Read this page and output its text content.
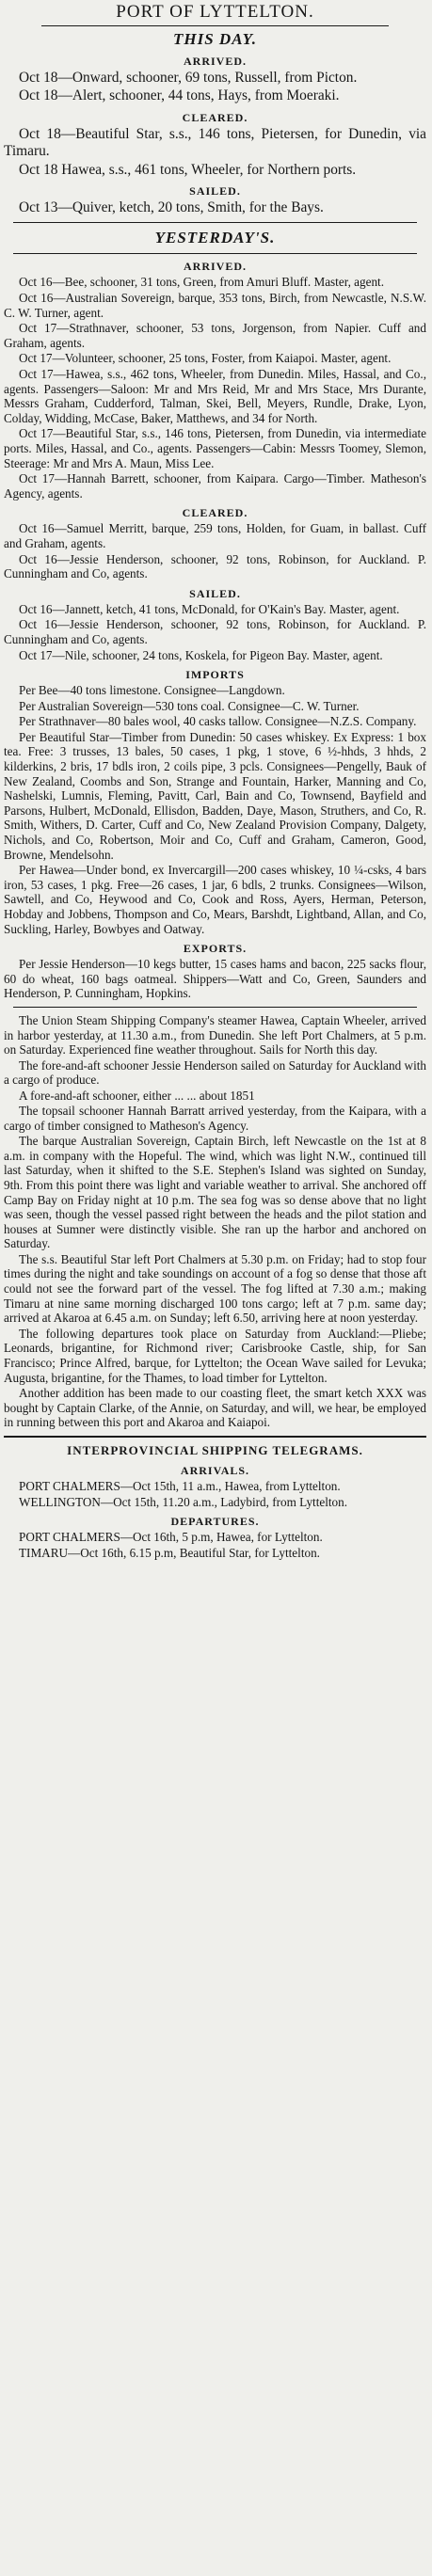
PORT OF LYTTELTON.
THIS DAY.
ARRIVED.

Oct 18—Onward, schooner, 69 tons, Russell, from Picton.

Oct 18—Alert, schooner, 44 tons, Hays, from Moeraki.

CLEARED.

Oct 18—Beautiful Star, s.s., 146 tons, Pietersen, for Dunedin, via Timaru.

Oct 18 Hawea, s.s., 461 tons, Wheeler, for Northern ports.

SAILED.

Oct 13—Quiver, ketch, 20 tons, Smith, for the Bays.

YESTERDAY'S.
ARRIVED.

Oct 16—Bee, schooner, 31 tons, Green, from Amuri Bluff. Master, agent.

Oct 16—Australian Sovereign, barque, 353 tons, Birch, from Newcastle, N.S.W. C. W. Turner, agent.

Oct 17—Strathnaver, schooner, 53 tons, Jorgenson, from Napier. Cuff and Graham, agents.

Oct 17—Volunteer, schooner, 25 tons, Foster, from Kaiapoi. Master, agent.

Oct 17—Hawea, s.s., 462 tons, Wheeler, from Dunedin. Miles, Hassal, and Co., agents. Passengers—Saloon: Mr and Mrs Reid, Mr and Mrs Stace, Mrs Durante, Messrs Graham, Cudderford, Talman, Skei, Bell, Meyers, Rundle, Drake, Lyon, Colday, Widding, McCase, Baker, Matthews, and 34 for North.

Oct 17—Beautiful Star, s.s., 146 tons, Pietersen, from Dunedin, via intermediate ports. Miles, Hassal, and Co., agents. Passengers—Cabin: Messrs Toomey, Slemon, Steerage: Mr and Mrs A. Maun, Miss Lee.

Oct 17—Hannah Barrett, schooner, from Kaipara. Cargo—Timber. Matheson's Agency, agents.

CLEARED.

Oct 16—Samuel Merritt, barque, 259 tons, Holden, for Guam, in ballast. Cuff and Graham, agents.

Oct 16—Jessie Henderson, schooner, 92 tons, Robinson, for Auckland. P. Cunningham and Co, agents.

SAILED.

Oct 16—Jannett, ketch, 41 tons, McDonald, for O'Kain's Bay. Master, agent.

Oct 16—Jessie Henderson, schooner, 92 tons, Robinson, for Auckland. P. Cunningham and Co, agents.

Oct 17—Nile, schooner, 24 tons, Koskela, for Pigeon Bay. Master, agent.

IMPORTS

Per Bee—40 tons limestone. Consignee—Langdown.

Per Australian Sovereign—530 tons coal. Consignee—C. W. Turner.

Per Strathnaver—80 bales wool, 40 casks tallow. Consignee—N.Z.S. Company.

Per Beautiful Star—Timber from Dunedin: 50 cases whiskey. Ex Express: 1 box tea. Free: 3 trusses, 13 bales, 50 cases, 1 pkg, 1 stove, 6 ½-hhds, 3 hhds, 2 kilderkins, 2 bris, 17 bdls iron, 2 coils pipe, 3 pcls. Consignees—Pengelly, Bauk of New Zealand, Coombs and Son, Strange and Fountain, Harker, Manning and Co, Nashelski, Lumnis, Fleming, Pavitt, Carl, Bain and Co, Townsend, Bayfield and Parsons, Hulbert, McDonald, Ellisdon, Badden, Daye, Mason, Struthers, and Co, R. Smith, Withers, D. Carter, Cuff and Co, New Zealand Provision Company, Dalgety, Nichols, and Co, Robertson, Moir and Co, Cuff and Graham, Cameron, Good, Browne, Mendelsohn.

Per Hawea—Under bond, ex Invercargill—200 cases whiskey, 10 ¼-csks, 4 bars iron, 53 cases, 1 pkg. Free—26 cases, 1 jar, 6 bdls, 2 trunks. Consignees—Wilson, Sawtell, and Co, Heywood and Co, Cook and Ross, Ayers, Herman, Peterson, Hobday and Jobbens, Thompson and Co, Mears, Barshdt, Lightband, Allan, and Co, Suckling, Harley, Bowbyes and Oatway.

EXPORTS.

Per Jessie Henderson—10 kegs butter, 15 cases hams and bacon, 225 sacks flour, 60 do wheat, 160 bags oatmeal. Shippers—Watt and Co, Green, Saunders and Henderson, P. Cunningham, Hopkins.

The Union Steam Shipping Company's steamer Hawea, Captain Wheeler, arrived in harbor yesterday, at 11.30 a.m., from Dunedin. She left Port Chalmers, at 5 p.m. on Saturday. Experienced fine weather throughout. Sails for North this day.

The fore-and-aft schooner Jessie Henderson sailed on Saturday for Auckland with a cargo of produce.

A fore-and-aft schooner, either ... ... about 1851

The topsail schooner Hannah Barratt arrived yesterday, from the Kaipara, with a cargo of timber consigned to Matheson's Agency.

The barque Australian Sovereign, Captain Birch, left Newcastle on the 1st at 8 a.m. in company with the Hopeful. The wind, which was light N.W., continued till last Saturday, when it shifted to the S.E. Stephen's Island was sighted on Sunday, 9th. From this point there was light and variable weather to arrival. She anchored off Camp Bay on Friday night at 10 p.m. The sea fog was so dense above that no light was seen, though the vessel passed right between the heads and the pilot station and houses at Sumner were distinctly visible. She ran up the harbor and anchored on Saturday.

The s.s. Beautiful Star left Port Chalmers at 5.30 p.m. on Friday; had to stop four times during the night and take soundings on account of a fog so dense that those aft could not see the forward part of the vessel. The fog lifted at 7.30 a.m.; making Timaru at nine same morning discharged 100 tons cargo; left at 7 p.m. same day; arrived at Akaroa at 6.45 a.m. on Sunday; left 6.50, arriving here at noon yesterday.

The following departures took place on Saturday from Auckland:—Pliebe; Leonards, brigantine, for Richmond river; Carisbrooke Castle, ship, for San Francisco; Prince Alfred, barque, for Lyttelton; the Ocean Wave sailed for Levuka; Augusta, brigantine, for the Thames, to load timber for Lyttelton.

Another addition has been made to our coasting fleet, the smart ketch XXX was bought by Captain Clarke, of the Annie, on Saturday, and will, we hear, be employed in running between this port and Akaroa and Kaiapoi.

INTERPROVINCIAL SHIPPING TELEGRAMS.
ARRIVALS.

PORT CHALMERS—Oct 15th, 11 a.m., Hawea, from Lyttelton.

WELLINGTON—Oct 15th, 11.20 a.m., Ladybird, from Lyttelton.

DEPARTURES.

PORT CHALMERS—Oct 16th, 5 p.m, Hawea, for Lyttelton.

TIMARU—Oct 16th, 6.15 p.m, Beautiful Star, for Lyttelton.
